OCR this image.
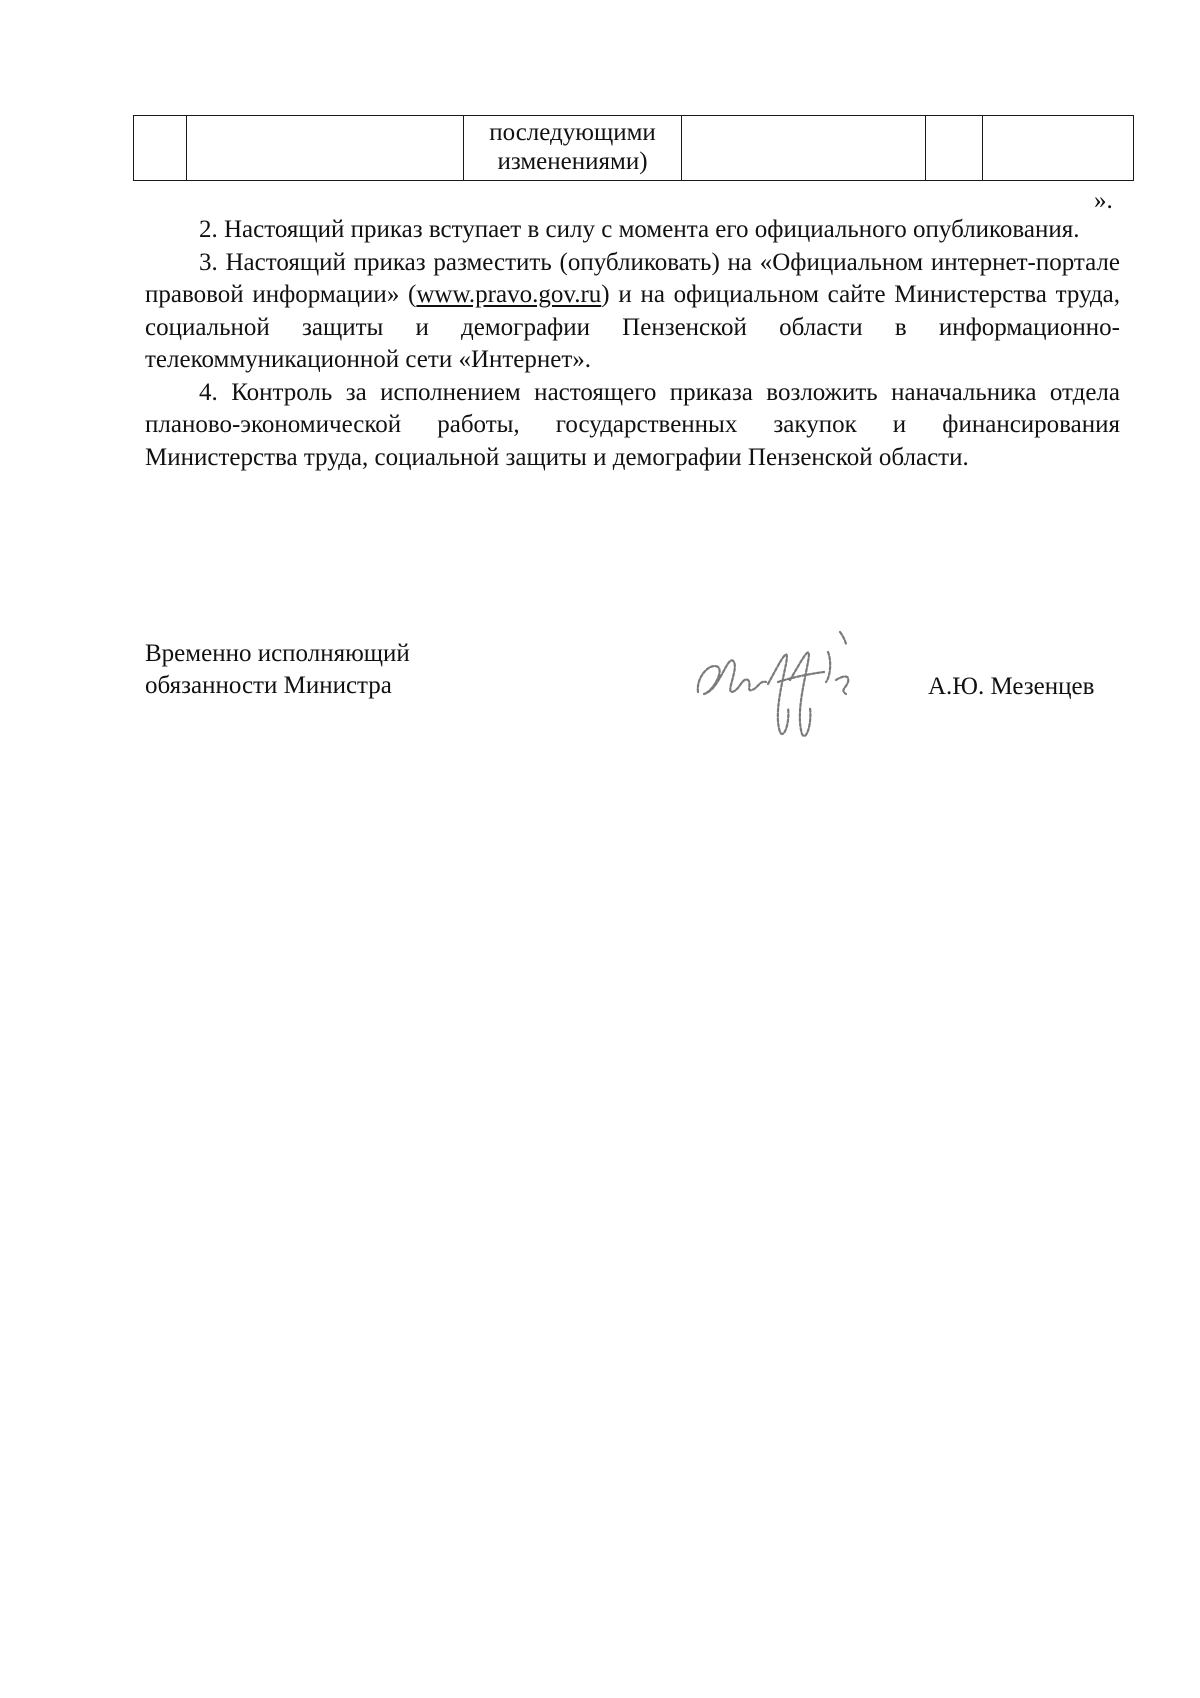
последующими
изменениями)

».

2. Настоящий приказ вступает в силу с момента его официального опубликования.

3. Настоящий приказ разместить (опубликовать) на «Официальном интернет-портале правовой информации» (www.pravo.gov.ru) и на официальном сайте Министерства труда, социальной защиты и демографии Пензенской области в информационно-телекоммуникационной сети «Интернет».

4. Контроль за исполнением настоящего приказа возложить наначальника отдела планово-экономической работы, государственных закупок и финансирования Министерства труда, социальной защиты и демографии Пензенской области.

Временно исполняющий
обязанности Министра	А.Ю. Мезенцев
